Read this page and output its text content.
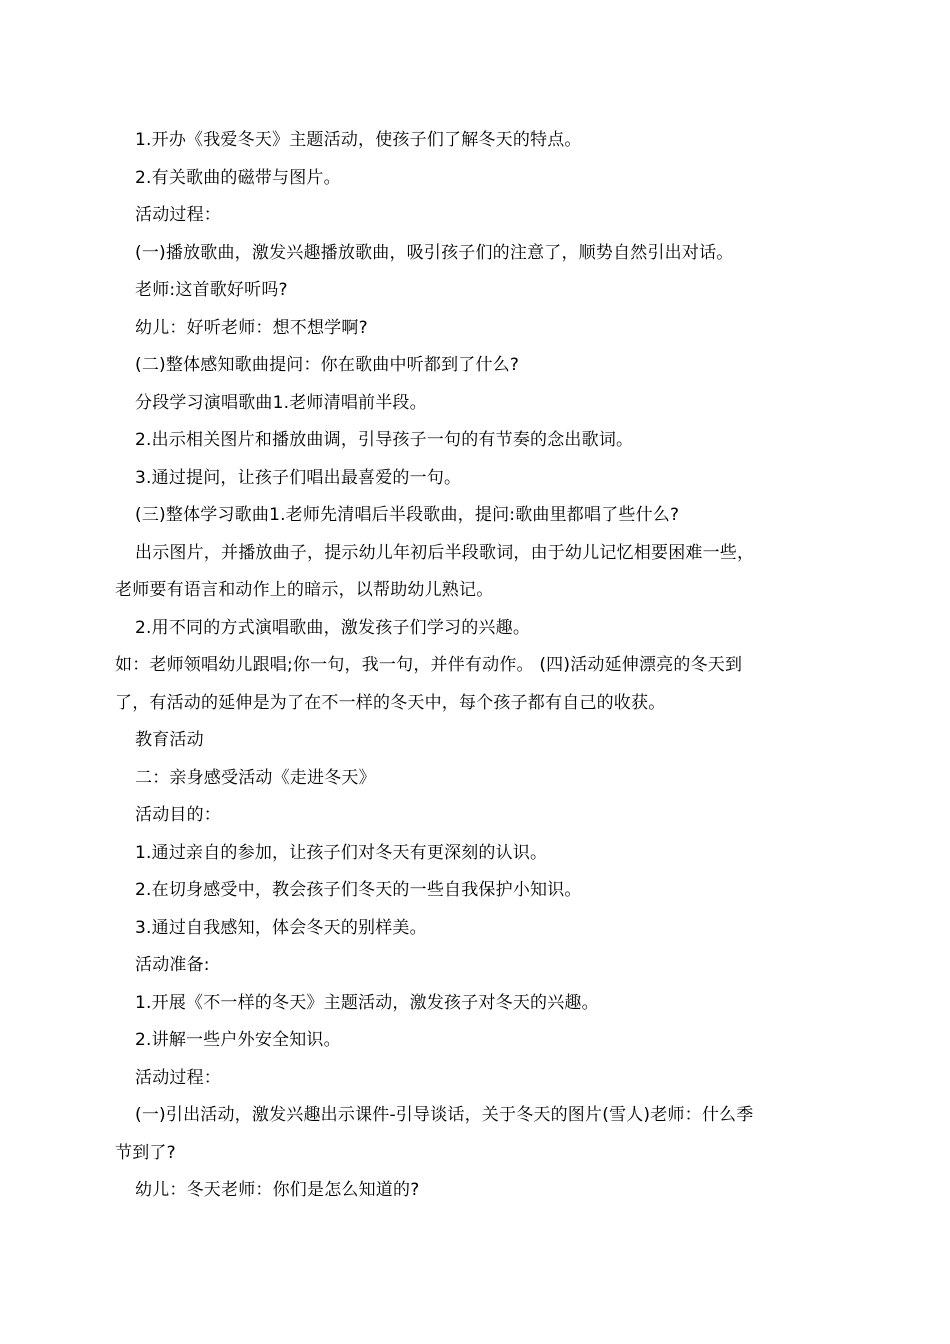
1.开办《我爱冬天》主题活动，使孩子们了解冬天的特点。
2.有关歌曲的磁带与图片。
活动过程：
(一)播放歌曲，激发兴趣播放歌曲，吸引孩子们的注意了，顺势自然引出对话。
老师:这首歌好听吗?
幼儿：好听老师：想不想学啊?
(二)整体感知歌曲提问：你在歌曲中听都到了什么?
分段学习演唱歌曲1.老师清唱前半段。
2.出示相关图片和播放曲调，引导孩子一句的有节奏的念出歌词。
3.通过提问，让孩子们唱出最喜爱的一句。
(三)整体学习歌曲1.老师先清唱后半段歌曲，提问:歌曲里都唱了些什么?
出示图片，并播放曲子，提示幼儿年初后半段歌词，由于幼儿记忆相要困难一些，
老师要有语言和动作上的暗示，以帮助幼儿熟记。
2.用不同的方式演唱歌曲，激发孩子们学习的兴趣。
如：老师领唱幼儿跟唱;你一句，我一句，并伴有动作。 (四)活动延伸漂亮的冬天到
了，有活动的延伸是为了在不一样的冬天中，每个孩子都有自己的收获。
教育活动
二：亲身感受活动《走进冬天》
活动目的：
1.通过亲自的参加，让孩子们对冬天有更深刻的认识。
2.在切身感受中，教会孩子们冬天的一些自我保护小知识。
3.通过自我感知，体会冬天的别样美。
活动准备:
1.开展《不一样的冬天》主题活动，激发孩子对冬天的兴趣。
2.讲解一些户外安全知识。
活动过程：
(一)引出活动，激发兴趣出示课件-引导谈话，关于冬天的图片(雪人)老师：什么季
节到了?
幼儿：冬天老师：你们是怎么知道的?
